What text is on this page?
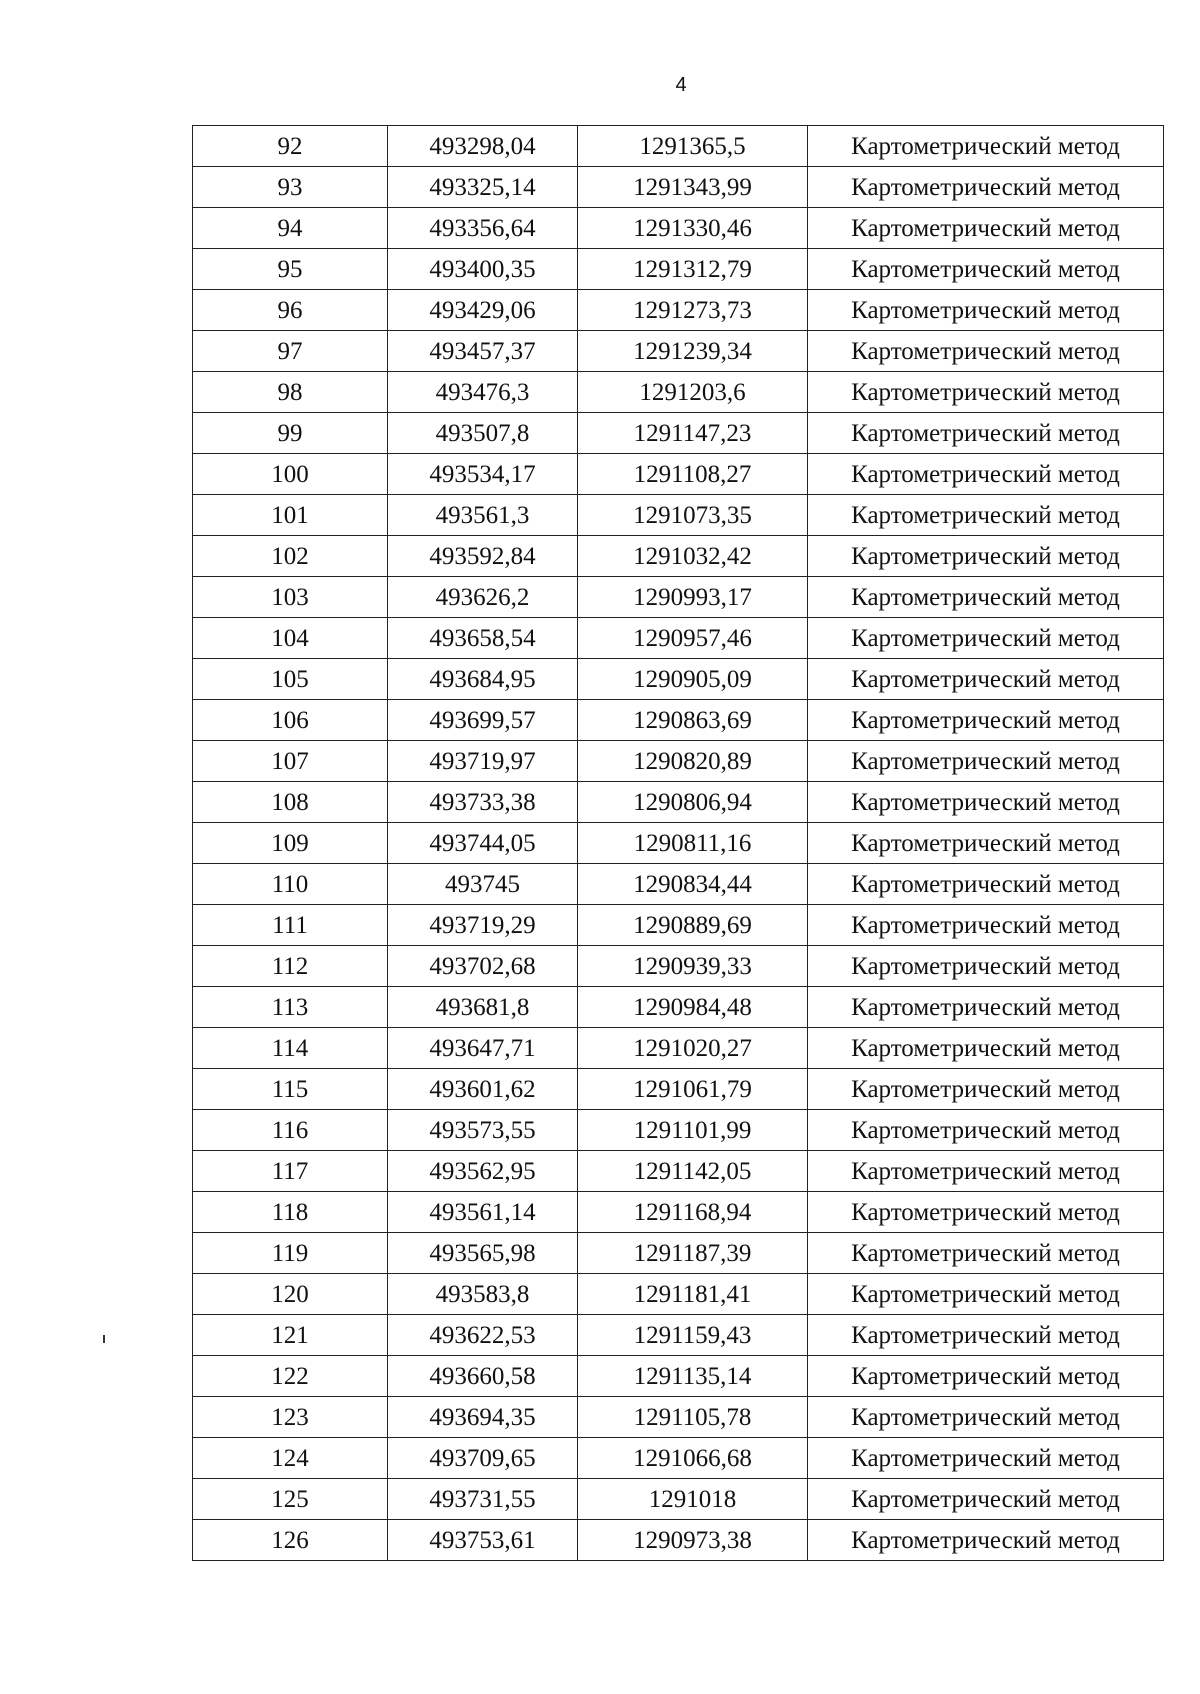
4
92	493298,04	1291365,5	Картометрический метод
93	493325,14	1291343,99	Картометрический метод
94	493356,64	1291330,46	Картометрический метод
95	493400,35	1291312,79	Картометрический метод
96	493429,06	1291273,73	Картометрический метод
97	493457,37	1291239,34	Картометрический метод
98	493476,3	1291203,6	Картометрический метод
99	493507,8	1291147,23	Картометрический метод
100	493534,17	1291108,27	Картометрический метод
101	493561,3	1291073,35	Картометрический метод
102	493592,84	1291032,42	Картометрический метод
103	493626,2	1290993,17	Картометрический метод
104	493658,54	1290957,46	Картометрический метод
105	493684,95	1290905,09	Картометрический метод
106	493699,57	1290863,69	Картометрический метод
107	493719,97	1290820,89	Картометрический метод
108	493733,38	1290806,94	Картометрический метод
109	493744,05	1290811,16	Картометрический метод
110	493745	1290834,44	Картометрический метод
111	493719,29	1290889,69	Картометрический метод
112	493702,68	1290939,33	Картометрический метод
113	493681,8	1290984,48	Картометрический метод
114	493647,71	1291020,27	Картометрический метод
115	493601,62	1291061,79	Картометрический метод
116	493573,55	1291101,99	Картометрический метод
117	493562,95	1291142,05	Картометрический метод
118	493561,14	1291168,94	Картометрический метод
119	493565,98	1291187,39	Картометрический метод
120	493583,8	1291181,41	Картометрический метод
121	493622,53	1291159,43	Картометрический метод
122	493660,58	1291135,14	Картометрический метод
123	493694,35	1291105,78	Картометрический метод
124	493709,65	1291066,68	Картометрический метод
125	493731,55	1291018	Картометрический метод
126	493753,61	1290973,38	Картометрический метод
